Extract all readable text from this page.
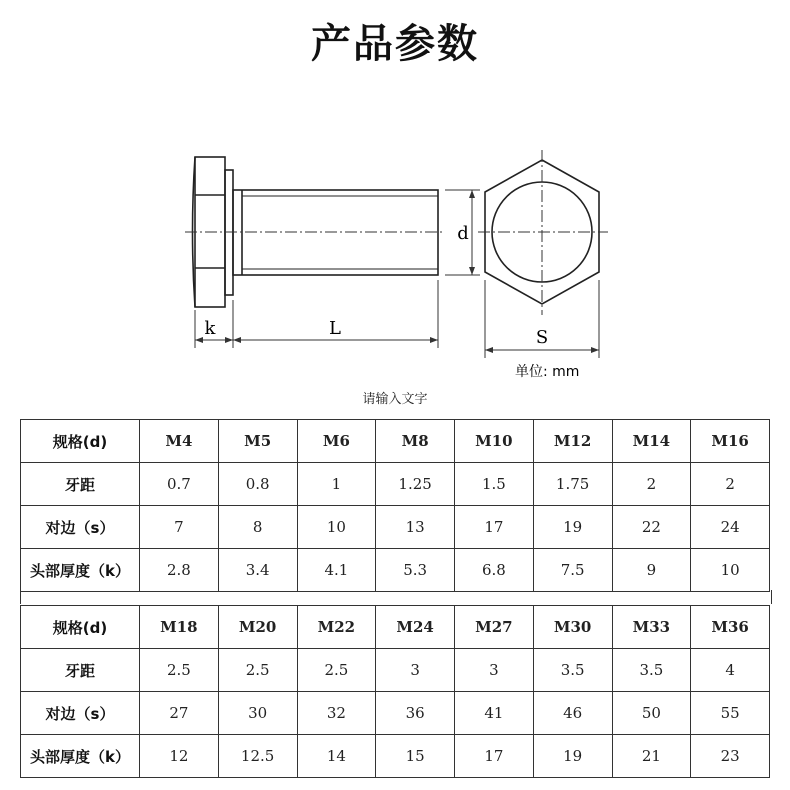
产品参数
k	L
d
S
单位: mm
请输入文字
规格(d)	M4	M5	M6	M8	M10	M12	M14	M16
牙距	0.7	0.8	1	1.25	1.5	1.75	2	2
对边（s）	7	8	10	13	17	19	22	24
头部厚度（k）	2.8	3.4	4.1	5.3	6.8	7.5	9	10
规格(d)	M18	M20	M22	M24	M27	M30	M33	M36
牙距	2.5	2.5	2.5	3	3	3.5	3.5	4
对边（s）	27	30	32	36	41	46	50	55
头部厚度（k）	12	12.5	14	15	17	19	21	23
